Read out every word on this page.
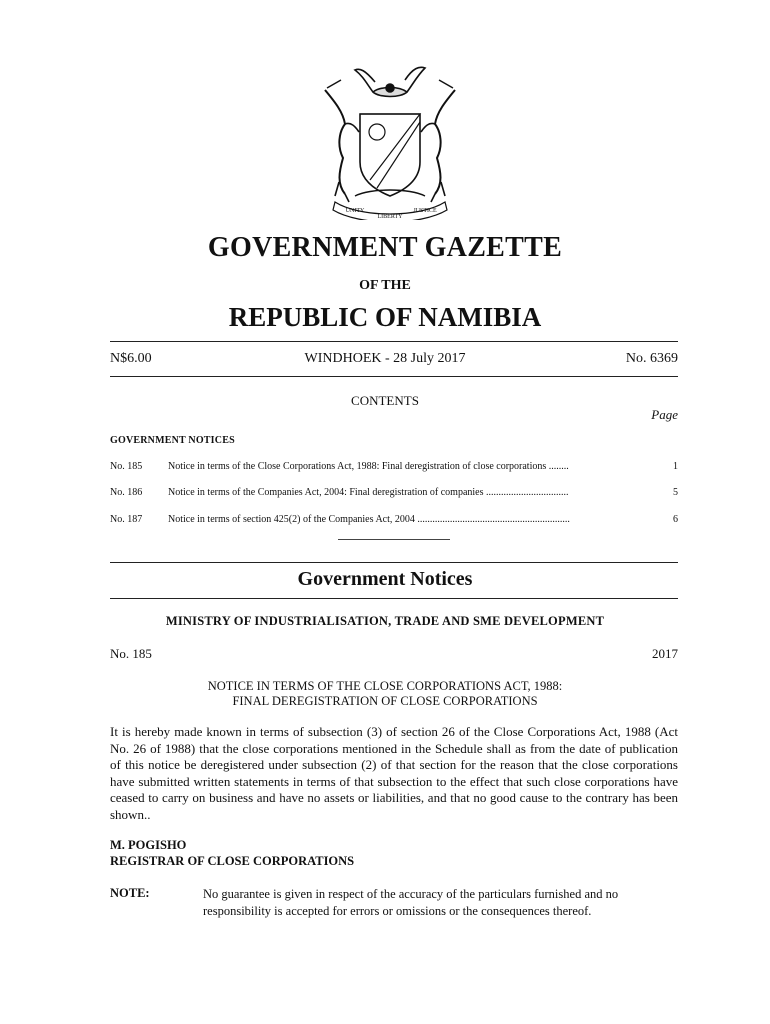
UNITY
LIBERTY
JUSTICE
GOVERNMENT GAZETTE
OF THE
REPUBLIC OF NAMIBIA
N$6.00	WINDHOEK - 28 July 2017	No. 6369
CONTENTS
Page
GOVERNMENT NOTICES
No. 185	Notice in terms of the Close Corporations Act, 1988: Final deregistration of close corporations ........	1
No. 186	Notice in terms of the Companies Act, 2004: Final deregistration of companies .................................	5
No. 187	Notice in terms of section 425(2) of the Companies Act, 2004 .............................................................	6
Government Notices
MINISTRY OF INDUSTRIALISATION, TRADE AND SME DEVELOPMENT
No. 185	2017
NOTICE IN TERMS OF THE CLOSE CORPORATIONS ACT, 1988:
FINAL DEREGISTRATION OF CLOSE CORPORATIONS
It is hereby made known in terms of subsection (3) of section 26 of the Close Corporations Act, 1988 (Act No. 26 of 1988) that the close corporations mentioned in the Schedule shall as from the date of publication of this notice be deregistered under subsection (2) of that section for the reason that the close corporations have submitted written statements in terms of that subsection to the effect that such close corporations have ceased to carry on business and have no assets or liabilities, and that no good cause to the contrary has been shown..
M. POGISHO
REGISTRAR OF CLOSE CORPORATIONS
NOTE:	No guarantee is given in respect of the accuracy of the particulars furnished and no responsibility is accepted for errors or omissions or the consequences thereof.
